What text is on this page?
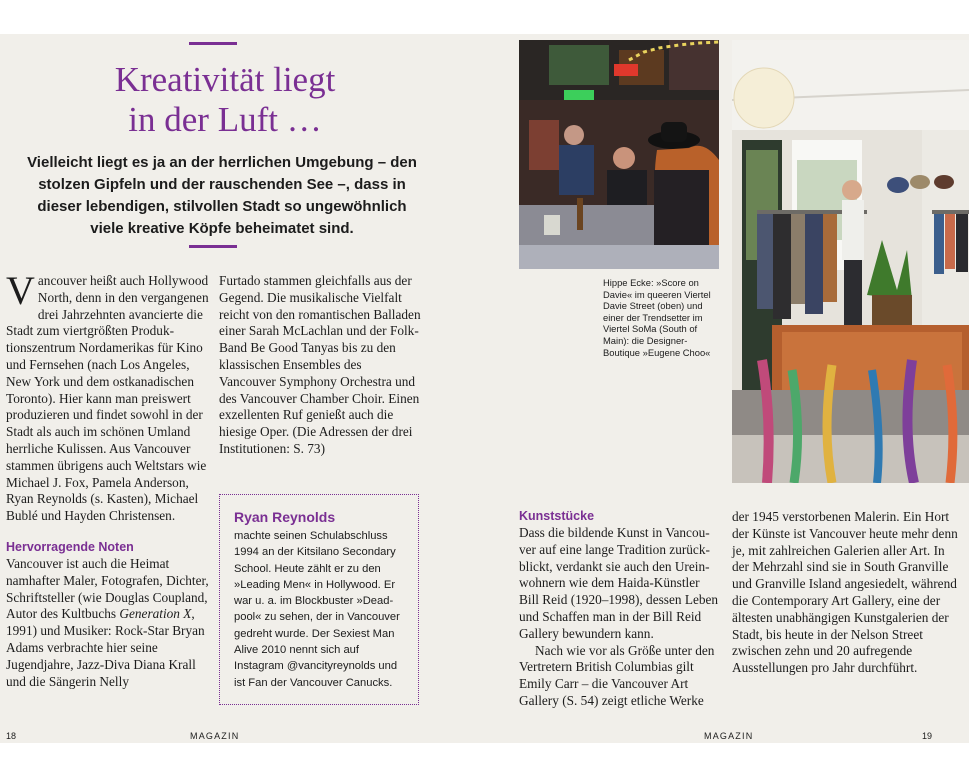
Kreativität liegt
in der Luft …

Vielleicht liegt es ja an der herrlichen Umgebung – den stolzen Gipfeln und der rauschenden See –, dass in dieser lebendigen, stilvollen Stadt so ungewöhnlich viele kreative Köpfe beheimatet sind.

Vancouver heißt auch Hollywood North, denn in den vergangenen drei Jahrzehnten avancierte die Stadt zum viertgrößten Produktionszentrum Nordamerikas für Kino und Fernsehen (nach Los Angeles, New York und dem ostkanadischen Toronto). Hier kann man preiswert produzieren und findet sowohl in der Stadt als auch im schönen Umland herrliche Kulissen. Aus Vancouver stammen übrigens auch Weltstars wie Michael J. Fox, Pamela Anderson, Ryan Reynolds (s. Kasten), Michael Bublé und Hayden Christensen.

Hervorragende Noten

Vancouver ist auch die Heimat namhafter Maler, Fotografen, Dichter, Schriftsteller (wie Douglas Coupland, Autor des Kultbuchs Generation X, 1991) und Musiker: Rock-Star Bryan Adams verbrachte hier seine Jugendjahre, Jazz-Diva Diana Krall und die Sängerin Nelly

Furtado stammen gleichfalls aus der Gegend. Die musikalische Vielfalt reicht von den romantischen Balladen einer Sarah McLachlan und der Folk-Band Be Good Tanyas bis zu den klassischen Ensembles des Vancouver Symphony Orchestra und des Vancouver Chamber Choir. Einen exzellenten Ruf genießt auch die hiesige Oper. (Die Adressen der drei Institutionen: S. 73)

Ryan Reynolds

machte seinen Schulabschluss 1994 an der Kitsilano Secondary School. Heute zählt er zu den »Leading Men« in Hollywood. Er war u. a. im Blockbuster »Deadpool« zu sehen, der in Vancouver gedreht wurde. Der Sexiest Man Alive 2010 nennt sich auf Instagram @vancityreynolds und ist Fan der Vancouver Canucks.

Hippe Ecke: »Score on Davie« im queeren Viertel Davie Street (oben) und einer der Trendsetter im Viertel SoMa (South of Main): die Designer-Boutique »Eugene Choo«

Kunststücke

Dass die bildende Kunst in Vancouver auf eine lange Tradition zurückblickt, verdankt sie auch den Ureinwohnern wie dem Haida-Künstler Bill Reid (1920–1998), dessen Leben und Schaffen man in der Bill Reid Gallery bewundern kann.

Nach wie vor als Größe unter den Vertretern British Columbias gilt Emily Carr – die Vancouver Art Gallery (S. 54) zeigt etliche Werke

der 1945 verstorbenen Malerin. Ein Hort der Künste ist Vancouver heute mehr denn je, mit zahlreichen Galerien aller Art. In der Mehrzahl sind sie in South Granville und Granville Island angesiedelt, während die Contemporary Art Gallery, eine der ältesten unabhängigen Kunstgalerien der Stadt, bis heute in der Nelson Street zwischen zehn und 20 aufregende Ausstellungen pro Jahr durchführt.

18	MAGAZIN	MAGAZIN	19
